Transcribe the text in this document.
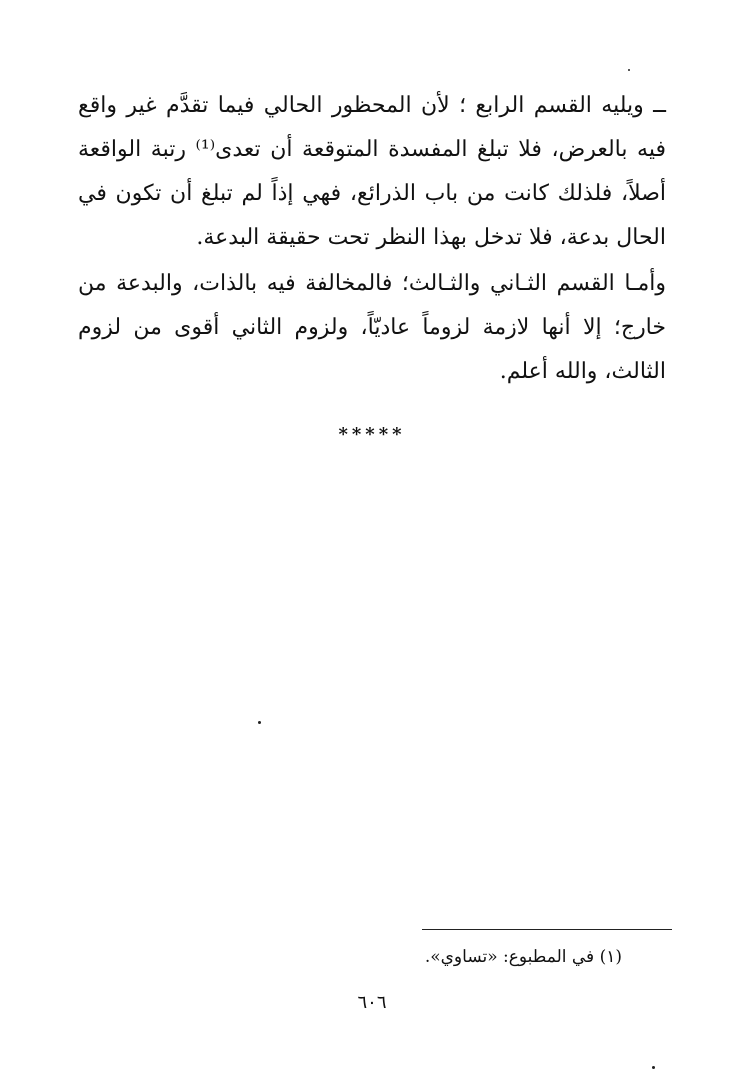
ــ ويليه القسم الرابع ؛ لأن المحظور الحالي فيما تقدَّم غير واقع فيه بالعرض، فلا تبلغ المفسدة المتوقعة أن تعدى⁽¹⁾ رتبة الواقعة أصلاً، فلذلك كانت من باب الذرائع، فهي إذاً لم تبلغ أن تكون في الحال بدعة، فلا تدخل بهذا النظر تحت حقيقة البدعة.

وأمـا القسم الثـاني والثـالث؛ فالمخالفة فيه بالذات، والبدعة من خارج؛ إلا أنها لازمة لزوماً عاديّاً، ولزوم الثاني أقوى من لزوم الثالث، والله أعلم.

*****
(١) في المطبوع: «تساوي».
٦٠٦
